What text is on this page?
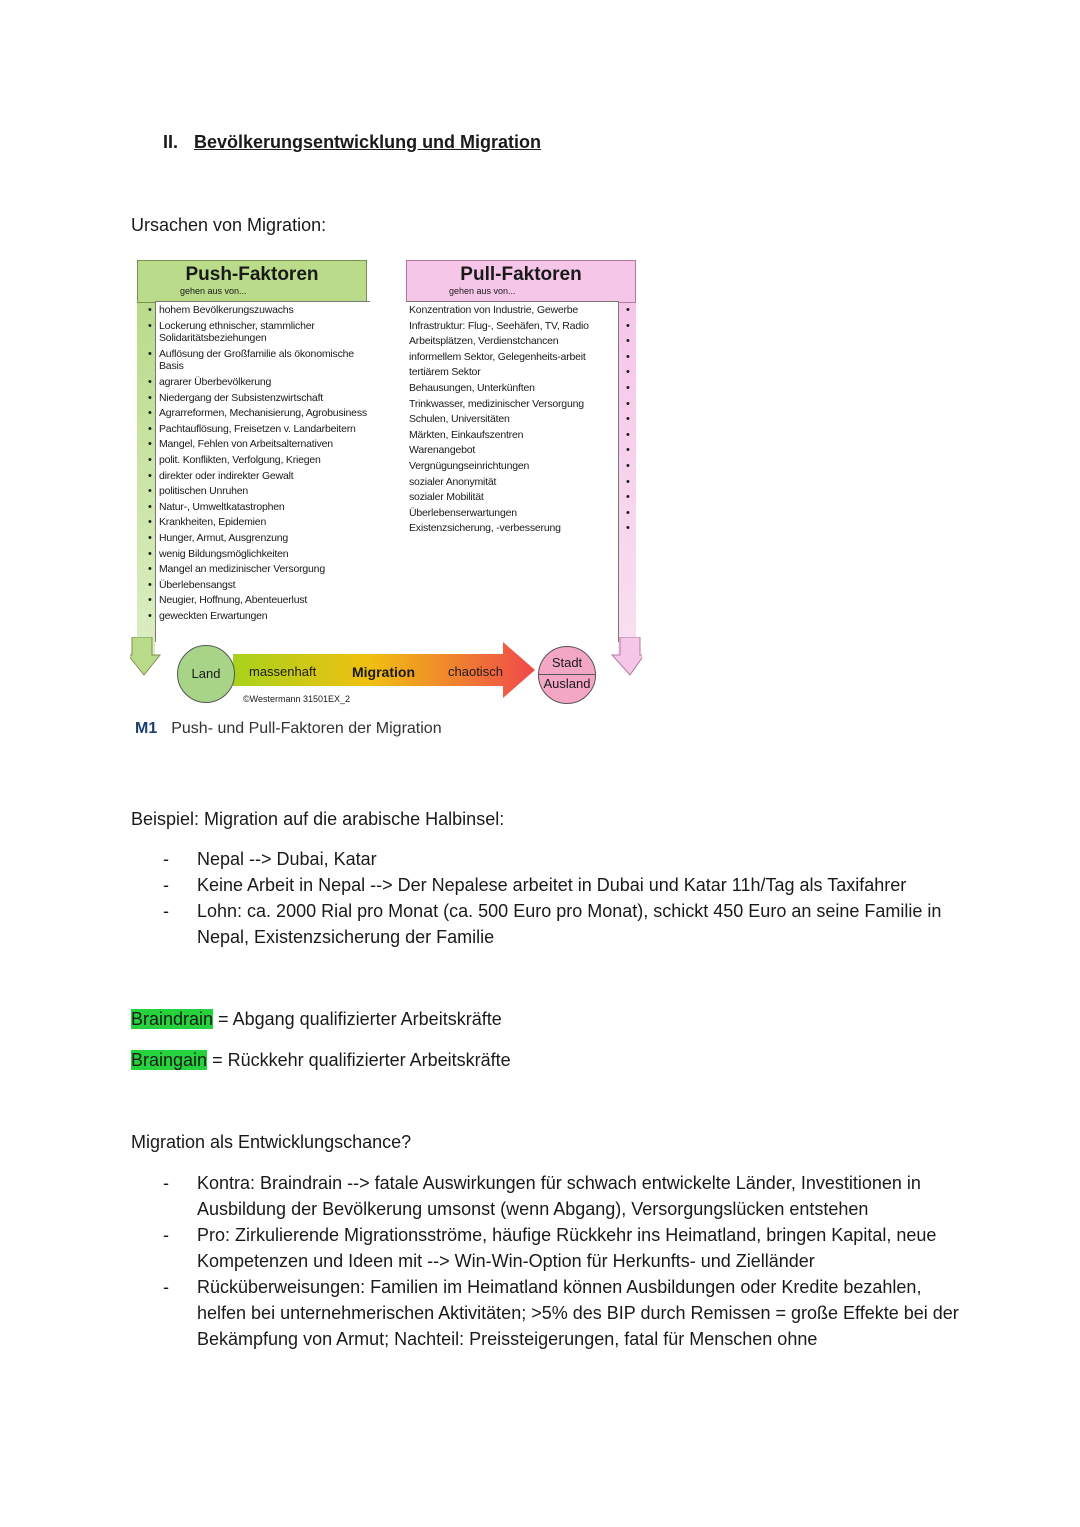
II. Bevölkerungsentwicklung und Migration
Ursachen von Migration:
Push-Faktoren
gehen aus von...
Pull-Faktoren
gehen aus von...
• hohem Bevölkerungszuwachs
• Lockerung ethnischer, stammlicher Solidaritätsbeziehungen
• Auflösung der Großfamilie als ökonomische Basis
• agrarer Überbevölkerung
• Niedergang der Subsistenzwirtschaft
• Agrarreformen, Mechanisierung, Agrobusiness
• Pachtauflösung, Freisetzen v. Landarbeitern
• Mangel, Fehlen von Arbeitsalternativen
• polit. Konflikten, Verfolgung, Kriegen
• direkter oder indirekter Gewalt
• politischen Unruhen
• Natur-, Umweltkatastrophen
• Krankheiten, Epidemien
• Hunger, Armut, Ausgrenzung
• wenig Bildungsmöglichkeiten
• Mangel an medizinischer Versorgung
• Überlebensangst
• Neugier, Hoffnung, Abenteuerlust
• geweckten Erwartungen
•
Konzentration von Industrie, Gewerbe
•
Infrastruktur: Flug-, Seehäfen, TV, Radio
•
Arbeitsplätzen, Verdienstchancen
•
informellem Sektor, Gelegenheits-arbeit
•
tertiärem Sektor
•
Behausungen, Unterkünften
•
Trinkwasser, medizinischer Versorgung
•
Schulen, Universitäten
•
Märkten, Einkaufszentren
•
Warenangebot
•
Vergnügungseinrichtungen
•
sozialer Anonymität
•
sozialer Mobilität
•
Überlebenserwartungen
•
Existenzsicherung, -verbesserung
Land
Stadt
Ausland
massenhaft	Migration	chaotisch
©Westermann 31501EX_2
M1 Push- und Pull-Faktoren der Migration
Beispiel: Migration auf die arabische Halbinsel:
- Nepal --> Dubai, Katar
- Keine Arbeit in Nepal --> Der Nepalese arbeitet in Dubai und Katar 11h/Tag als Taxifahrer
- Lohn: ca. 2000 Rial pro Monat (ca. 500 Euro pro Monat), schickt 450 Euro an seine Familie in Nepal, Existenzsicherung der Familie
Braindrain = Abgang qualifizierter Arbeitskräfte
Braingain = Rückkehr qualifizierter Arbeitskräfte
Migration als Entwicklungschance?
- Kontra: Braindrain --> fatale Auswirkungen für schwach entwickelte Länder, Investitionen in Ausbildung der Bevölkerung umsonst (wenn Abgang), Versorgungslücken entstehen
- Pro: Zirkulierende Migrationsströme, häufige Rückkehr ins Heimatland, bringen Kapital, neue Kompetenzen und Ideen mit --> Win-Win-Option für Herkunfts- und Zielländer
- Rücküberweisungen: Familien im Heimatland können Ausbildungen oder Kredite bezahlen, helfen bei unternehmerischen Aktivitäten; >5% des BIP durch Remissen = große Effekte bei der Bekämpfung von Armut; Nachteil: Preissteigerungen, fatal für Menschen ohne
